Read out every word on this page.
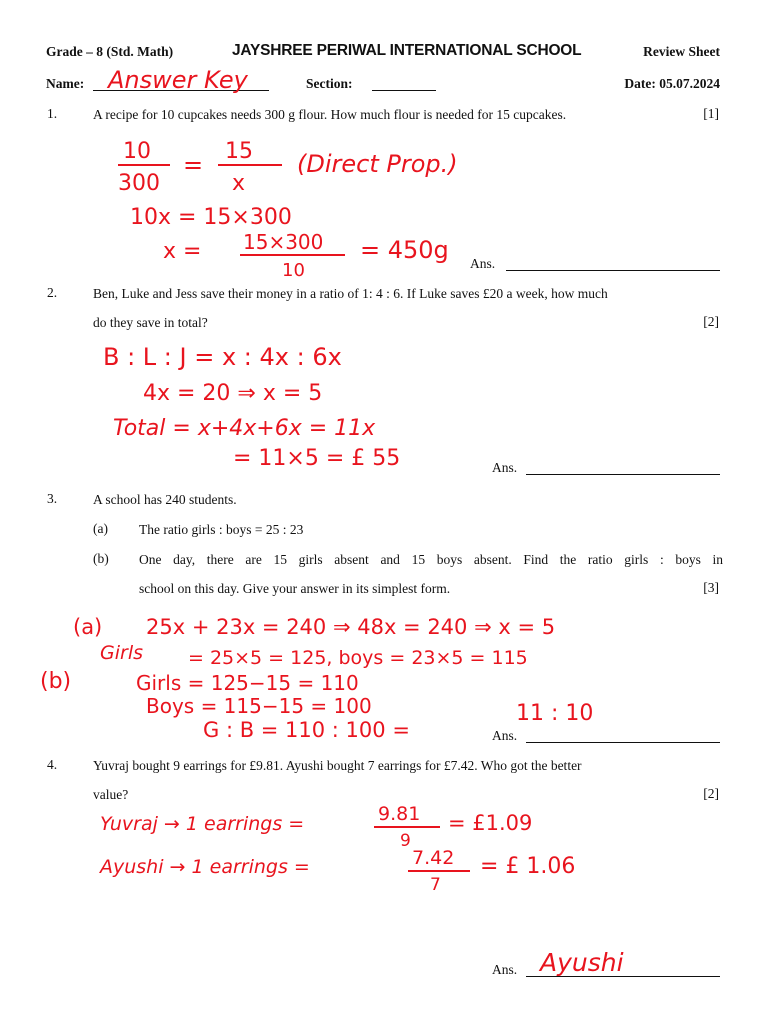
Grade – 8 (Std. Math)	JAYSHREE PERIWAL INTERNATIONAL SCHOOL	Review Sheet
Name:	Section:	Date: 05.07.2024
1.	A recipe for 10 cupcakes needs 300 g flour. How much flour is needed for 15 cupcakes.	[1]
Ans.
2.	Ben, Luke and Jess save their money in a ratio of 1: 4 : 6. If Luke saves £20 a week, how much
do they save in total?	[2]
Ans.
3.	A school has 240 students.
(a) The ratio girls : boys = 25 : 23
(b) One day, there are 15 girls absent and 15 boys absent. Find the ratio girls : boys in
school on this day. Give your answer in its simplest form.	[3]
Ans.
4.	Yuvraj bought 9 earrings for £9.81. Ayushi bought 7 earrings for £7.42. Who got the better
value?	[2]
Ans.
Answer Key
10
300
= 15
x
(Direct Prop.)
10x = 15×300
x = 15×300
10
= 450g
B : L : J = x : 4x : 6x
4x = 20 ⇒ x = 5
Total = x+4x+6x = 11x
= 11×5 = £ 55
(a) 25x + 23x = 240 ⇒ 48x = 240 ⇒ x = 5
Girls = 25×5 = 125, boys = 23×5 = 115
(b)	Girls = 125−15 = 110
Boys = 115−15 = 100
G : B = 110 : 100 =
11 : 10
Yuvraj → 1 earrings =	9.81
9
= £1.09
Ayushi → 1 earrings =	7.42
7
= £ 1.06
Ayushi
